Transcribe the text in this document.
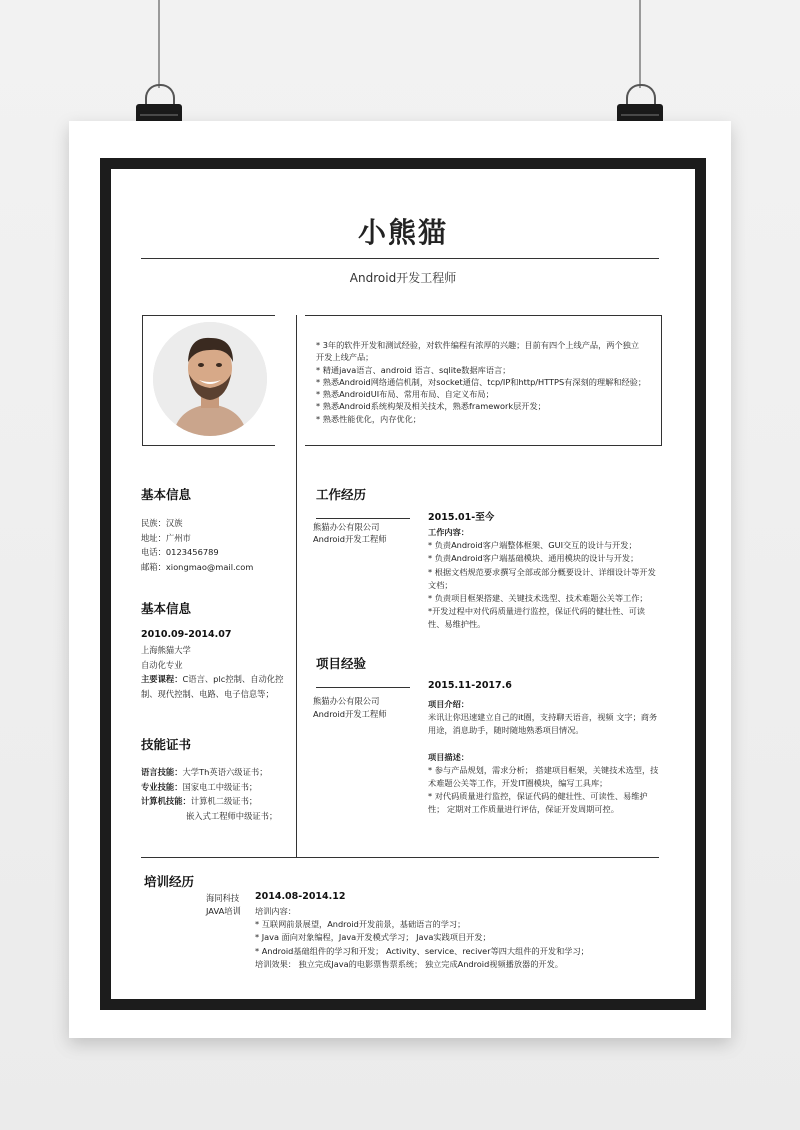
小熊猫
Android开发工程师
* 3年的软件开发和测试经验，对软件编程有浓厚的兴趣；目前有四个上线产品，两个独立
开发上线产品；
* 精通java语言、android 语言、sqlite数据库语言；
* 熟悉Android网络通信机制，对socket通信、tcp/IP和http/HTTPS有深刻的理解和经验；
* 熟悉AndroidUI布局、常用布局、自定义布局；
* 熟悉Android系统构架及相关技术，熟悉framework层开发；
* 熟悉性能优化，内存优化；
基本信息
民族：汉族
地址：广州市
电话：0123456789
邮箱：xiongmao@mail.com
基本信息
2010.09-2014.07
上海熊猫大学
自动化专业
主要课程：C语言、plc控制、自动化控
制、现代控制、电路、电子信息等；
技能证书
语言技能：大学Th英语六级证书；
专业技能：国家电工中级证书；
计算机技能：计算机二级证书；
嵌入式工程师中级证书；
工作经历
熊猫办公有限公司
Android开发工程师
2015.01-至今
工作内容：
* 负责Android客户端整体框架、GUI交互的设计与开发；
* 负责Android客户端基础模块、通用模块的设计与开发；
* 根据文档规范要求撰写全部或部分概要设计、详细设计等开发
文档；
* 负责项目框架搭建、关键技术选型、技术难题公关等工作；
*开发过程中对代码质量进行监控，保证代码的健壮性、可读
性、易维护性。
项目经验
熊猫办公有限公司
Android开发工程师
2015.11-2017.6
项目介绍：
米讯让你迅速建立自己的it圈，支持聊天语音，视频 文字；商务
用途，消息助手，随时随地熟悉项目情况。
项目描述：
* 参与产品规划，需求分析； 搭建项目框架，关键技术选型，技
术难题公关等工作，开发IT圈模块，编写工具库；
* 对代码质量进行监控，保证代码的健壮性、可读性、易维护
性； 定期对工作质量进行评估，保证开发周期可控。
培训经历
海同科技
JAVA培训
2014.08-2014.12
培训内容：
* 互联网前景展望，Android开发前景，基础语言的学习；
* Java 面向对象编程，Java开发模式学习； Java实践项目开发；
* Android基础组件的学习和开发； Activity、service、reciver等四大组件的开发和学习；
培训效果： 独立完成Java的电影票售票系统； 独立完成Android视频播放器的开发。
